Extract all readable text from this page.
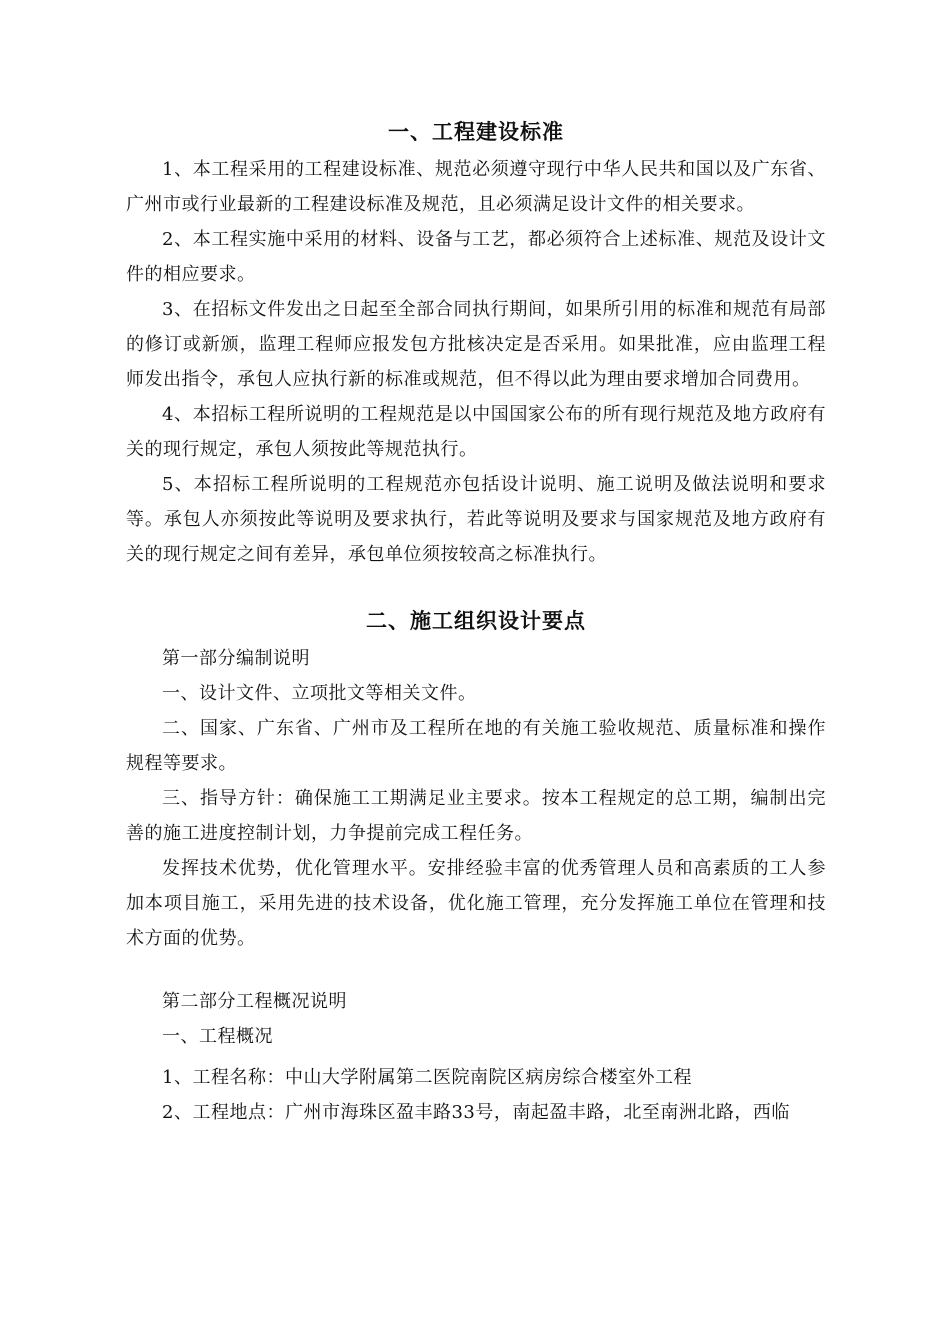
一、工程建设标准

1、本工程采用的工程建设标准、规范必须遵守现行中华人民共和国以及广东省、广州市或行业最新的工程建设标准及规范，且必须满足设计文件的相关要求。

2、本工程实施中采用的材料、设备与工艺，都必须符合上述标准、规范及设计文件的相应要求。

3、在招标文件发出之日起至全部合同执行期间，如果所引用的标准和规范有局部的修订或新颁，监理工程师应报发包方批核决定是否采用。如果批准，应由监理工程师发出指令，承包人应执行新的标准或规范，但不得以此为理由要求增加合同费用。

4、本招标工程所说明的工程规范是以中国国家公布的所有现行规范及地方政府有关的现行规定，承包人须按此等规范执行。

5、本招标工程所说明的工程规范亦包括设计说明、施工说明及做法说明和要求等。承包人亦须按此等说明及要求执行，若此等说明及要求与国家规范及地方政府有关的现行规定之间有差异，承包单位须按较高之标准执行。

二、施工组织设计要点

第一部分编制说明

一、设计文件、立项批文等相关文件。

二、国家、广东省、广州市及工程所在地的有关施工验收规范、质量标准和操作规程等要求。

三、指导方针：确保施工工期满足业主要求。按本工程规定的总工期，编制出完善的施工进度控制计划，力争提前完成工程任务。

发挥技术优势，优化管理水平。安排经验丰富的优秀管理人员和高素质的工人参加本项目施工，采用先进的技术设备，优化施工管理，充分发挥施工单位在管理和技术方面的优势。

第二部分工程概况说明

一、工程概况

1、工程名称：中山大学附属第二医院南院区病房综合楼室外工程

2、工程地点：广州市海珠区盈丰路33号，南起盈丰路，北至南洲北路，西临
